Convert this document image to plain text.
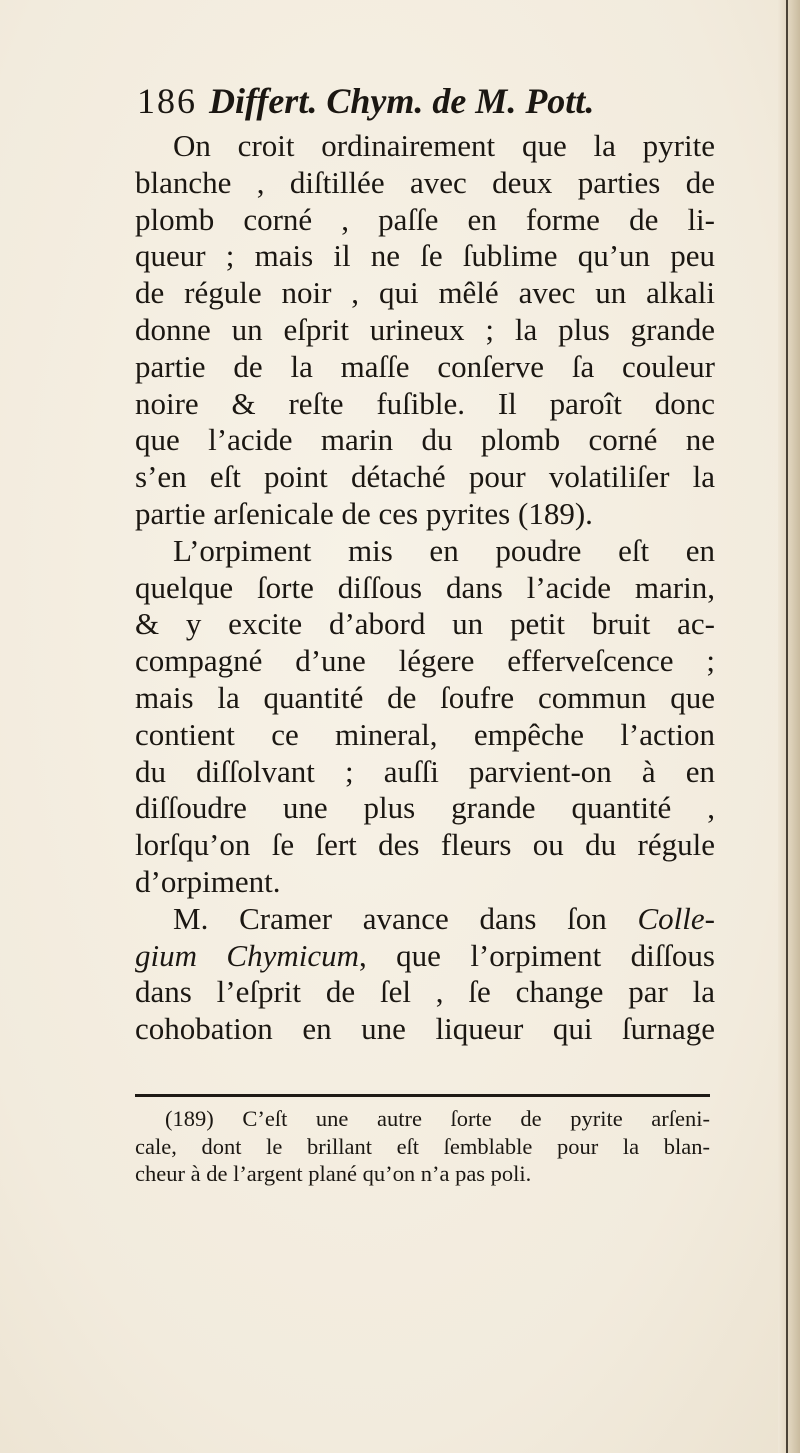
186 Differt. Chym. de M. Pott.
On croit ordinairement que la pyrite
blanche , diſtillée avec deux parties de
plomb corné , paſſe en forme de li-
queur ; mais il ne ſe ſublime qu’un peu
de régule noir , qui mêlé avec un alkali
donne un eſprit urineux ; la plus grande
partie de la maſſe conſerve ſa couleur
noire & reſte fuſible. Il paroît donc
que l’acide marin du plomb corné ne
s’en eſt point détaché pour volatiliſer la
partie arſenicale de ces pyrites (189).
L’orpiment mis en poudre eſt en
quelque ſorte diſſous dans l’acide marin,
& y excite d’abord un petit bruit ac-
compagné d’une légere efferveſcence ;
mais la quantité de ſoufre commun que
contient ce mineral, empêche l’action
du diſſolvant ; auſſi parvient-on à en
diſſoudre une plus grande quantité ,
lorſqu’on ſe ſert des fleurs ou du régule
d’orpiment.
M. Cramer avance dans ſon Colle-
gium Chymicum, que l’orpiment diſſous
dans l’eſprit de ſel , ſe change par la
cohobation en une liqueur qui ſurnage
(189) C’eſt une autre ſorte de pyrite arſeni-
cale, dont le brillant eſt ſemblable pour la blan-
cheur à de l’argent plané qu’on n’a pas poli.
